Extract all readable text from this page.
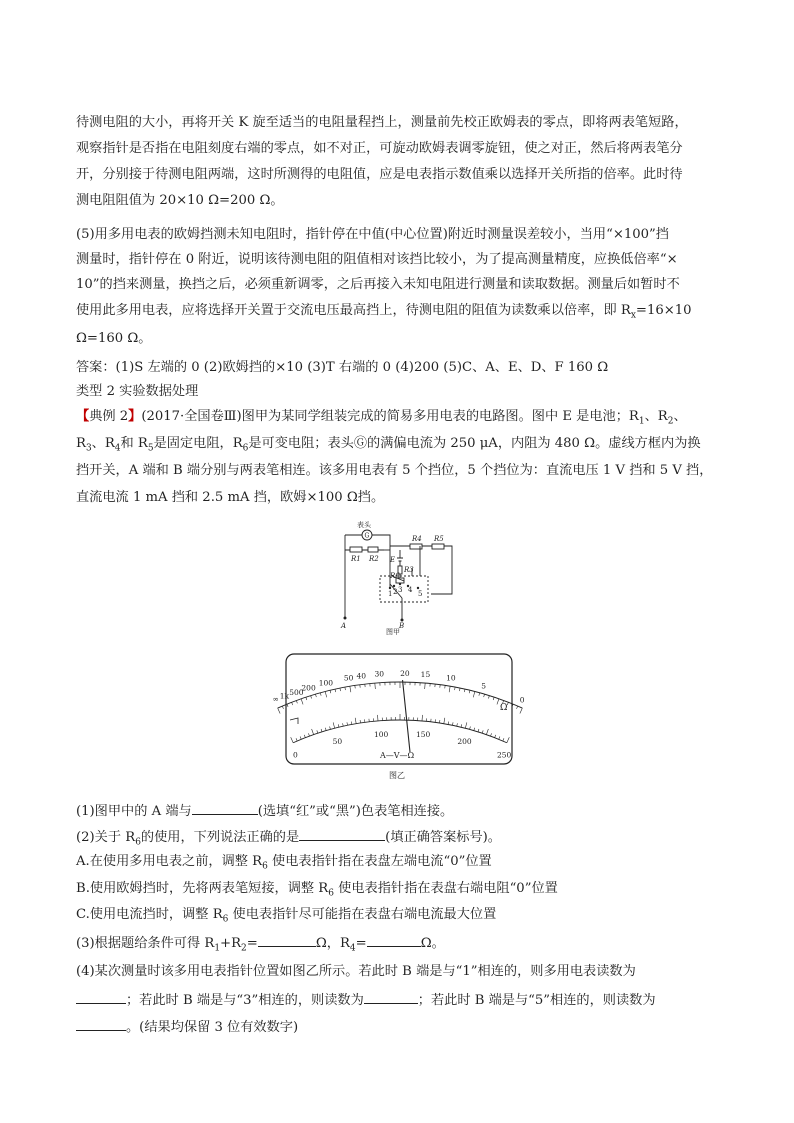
待测电阻的大小，再将开关 K 旋至适当的电阻量程挡上，测量前先校正欧姆表的零点，即将两表笔短路，
观察指针是否指在电阻刻度右端的零点，如不对正，可旋动欧姆表调零旋钮，使之对正，然后将两表笔分
开，分别接于待测电阻两端，这时所测得的电阻值，应是电表指示数值乘以选择开关所指的倍率。此时待
测电阻阻值为 20×10 Ω=200 Ω。
(5)用多用电表的欧姆挡测未知电阻时，指针停在中值(中心位置)附近时测量误差较小，当用“×100”挡
测量时，指针停在 0 附近，说明该待测电阻的阻值相对该挡比较小，为了提高测量精度，应换低倍率“×
10”的挡来测量，换挡之后，必须重新调零，之后再接入未知电阻进行测量和读取数据。测量后如暂时不
使用此多用电表，应将选择开关置于交流电压最高挡上，待测电阻的阻值为读数乘以倍率，即 $R_x=16\times 10$
Ω=160 Ω。
答案：(1)S 左端的 0 (2)欧姆挡的×10 (3)T 右端的 0 (4)200 (5)C、A、E、D、F 160 Ω
类型 2 实验数据处理
【典例 2】(2017·全国卷Ⅲ)图甲为某同学组装完成的简易多用电表的电路图。图中 E 是电池；$R_1$、$R_2$、
$R_3$、$R_4$和 $R_5$是固定电阻，$R_6$是可变电阻；表头Ⓖ的满偏电流为 250 μA，内阻为 480 Ω。虚线方框内为换
挡开关，A 端和 B 端分别与两表笔相连。该多用电表有 5 个挡位，5 个挡位为：直流电压 1 V 挡和 5 V 挡，
直流电流 1 mA 挡和 2.5 mA 挡，欧姆×100 Ω挡。
表头
G
R1 R2
R4 R5
E
R3
R6
1 2 3 4 5
A	B
图甲
∞ 1k 500
200
100
50 40 30 20 15 10
5
0
0
50
100	150
200
250
Ω
A—V—Ω
图乙
(1)图甲中的 A 端与	(选填“红”或“黑”)色表笔相连接。
(2)关于 $R_6$的使用，下列说法正确的是	(填正确答案标号)。
A.在使用多用电表之前，调整 $R_6$ 使电表指针指在表盘左端电流“0”位置
B.使用欧姆挡时，先将两表笔短接，调整 $R_6$ 使电表指针指在表盘右端电阻“0”位置
C.使用电流挡时，调整 $R_6$ 使电表指针尽可能指在表盘右端电流最大位置
(3)根据题给条件可得 $R_1+R_2=$	Ω，$R_4=$	Ω。
(4)某次测量时该多用电表指针位置如图乙所示。若此时 B 端是与“1”相连的，则多用电表读数为
；若此时 B 端是与“3”相连的，则读数为	；若此时 B 端是与“5”相连的，则读数为
。(结果均保留 3 位有效数字)
